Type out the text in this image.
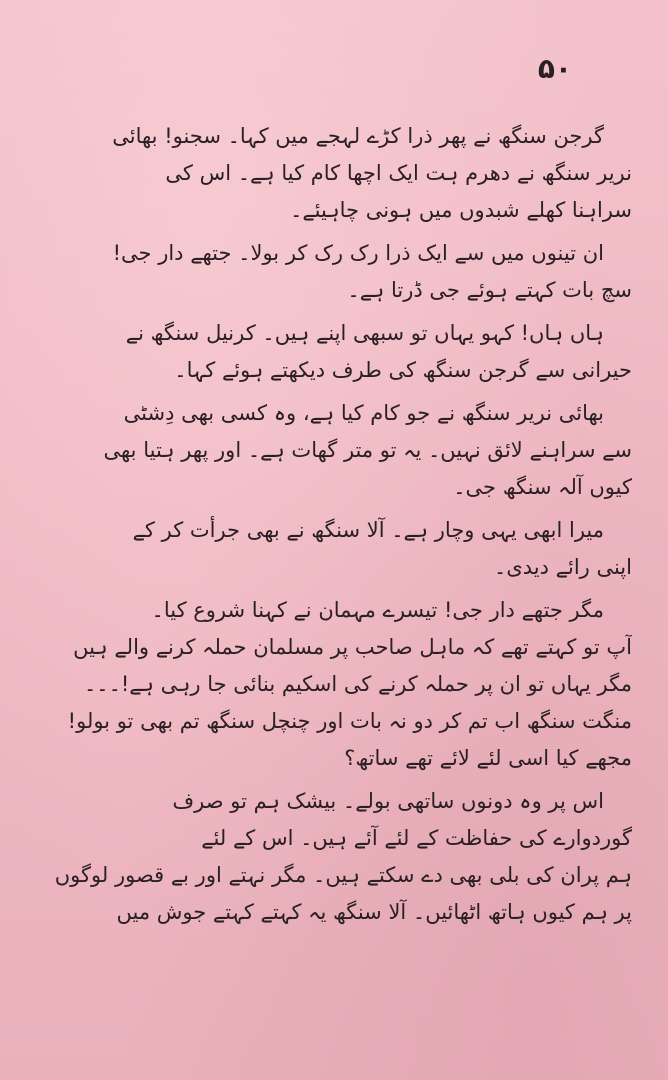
۵۰
گرجن سنگھ نے پھر ذرا کڑے لہجے میں کہا۔ سجنو! بھائی
نریر سنگھ نے دھرم ہت ایک اچھا کام کیا ہے۔ اس کی
سراہنا کھلے شبدوں میں ہونی چاہیئے۔
ان تینوں میں سے ایک ذرا رک رک کر بولا۔ جتھے دار جی!
سچ بات کہتے ہوئے جی ڈرتا ہے۔
ہاں ہاں! کہو یہاں تو سبھی اپنے ہیں۔ کرنیل سنگھ نے
حیرانی سے گرجن سنگھ کی طرف دیکھتے ہوئے کہا۔
بھائی نریر سنگھ نے جو کام کیا ہے، وہ کسی بھی دِشٹی
سے سراہنے لائق نہیں۔ یہ تو متر گھات ہے۔ اور پھر ہتیا بھی
کیوں آلہ سنگھ جی۔
میرا ابھی یہی وچار ہے۔ آلا سنگھ نے بھی جرأت کر کے
اپنی رائے دیدی۔
مگر جتھے دار جی! تیسرے مہمان نے کہنا شروع کیا۔
آپ تو کہتے تھے کہ ماہل صاحب پر مسلمان حملہ کرنے والے ہیں
مگر یہاں تو ان پر حملہ کرنے کی اسکیم بنائی جا رہی ہے!۔۔۔
منگت سنگھ اب تم کر دو نہ بات اور چنچل سنگھ تم بھی تو بولو!
مجھے کیا اسی لئے لائے تھے ساتھ؟
اس پر وہ دونوں ساتھی بولے۔ بیشک ہم تو صرف
گوردوارے کی حفاظت کے لئے آئے ہیں۔ اس کے لئے
ہم پران کی بلی بھی دے سکتے ہیں۔ مگر نہتے اور بے قصور لوگوں
پر ہم کیوں ہاتھ اٹھائیں۔ آلا سنگھ یہ کہتے کہتے جوش میں
